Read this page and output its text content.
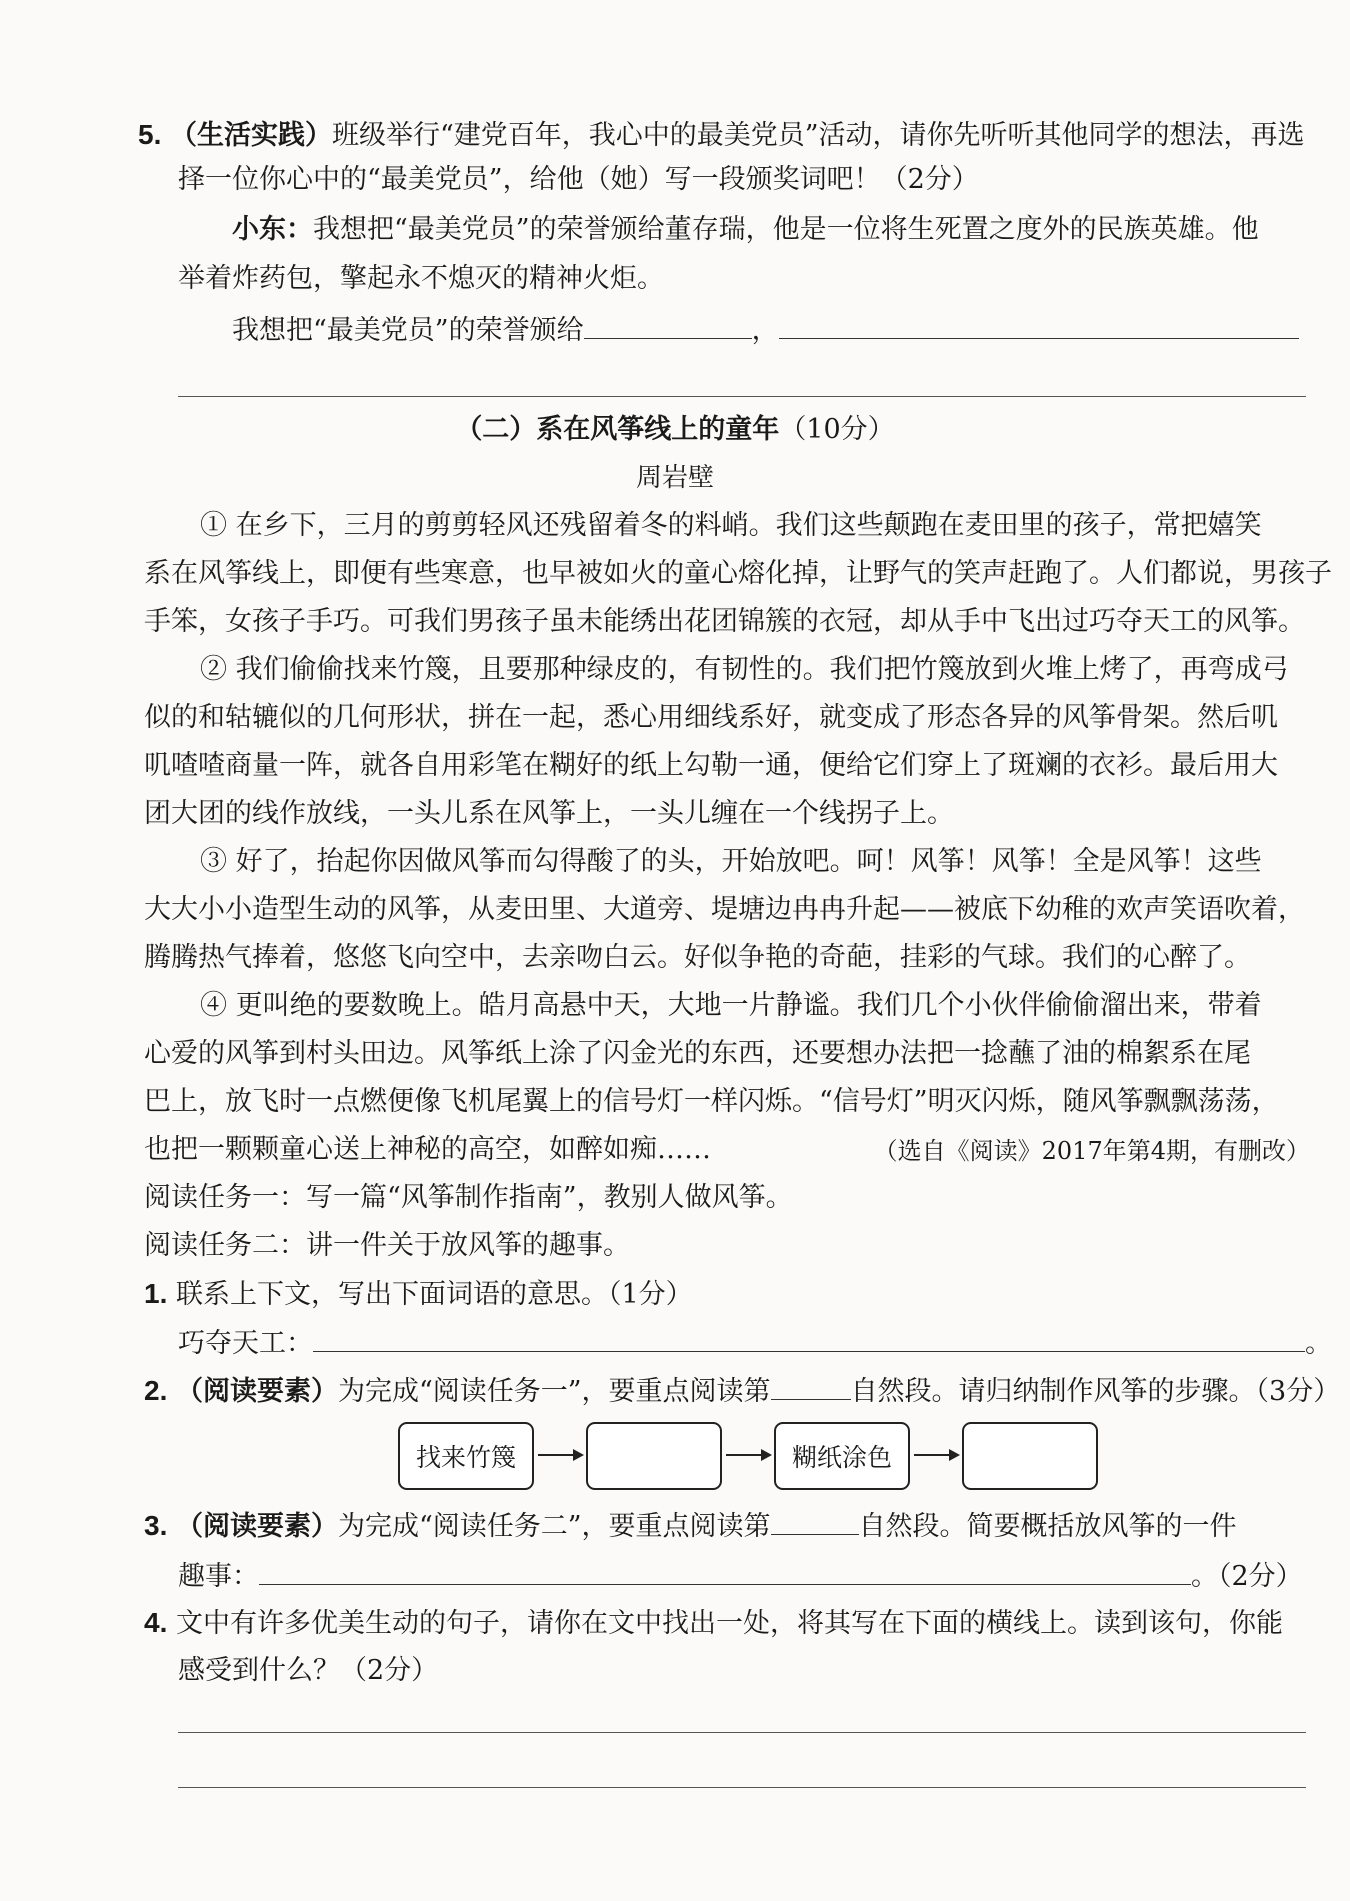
5. （生活实践）班级举行“建党百年，我心中的最美党员”活动，请你先听听其他同学的想法，再选
择一位你心中的“最美党员”，给他（她）写一段颁奖词吧！（2分）
小东：我想把“最美党员”的荣誉颁给董存瑞，他是一位将生死置之度外的民族英雄。他
举着炸药包，擎起永不熄灭的精神火炬。
我想把“最美党员”的荣誉颁给	，
（二）系在风筝线上的童年（10分）
周岩壁
① 在乡下，三月的剪剪轻风还残留着冬的料峭。我们这些颠跑在麦田里的孩子，常把嬉笑
系在风筝线上，即便有些寒意，也早被如火的童心熔化掉，让野气的笑声赶跑了。人们都说，男孩子
手笨，女孩子手巧。可我们男孩子虽未能绣出花团锦簇的衣冠，却从手中飞出过巧夺天工的风筝。
② 我们偷偷找来竹篾，且要那种绿皮的，有韧性的。我们把竹篾放到火堆上烤了，再弯成弓
似的和轱辘似的几何形状，拼在一起，悉心用细线系好，就变成了形态各异的风筝骨架。然后叽
叽喳喳商量一阵，就各自用彩笔在糊好的纸上勾勒一通，便给它们穿上了斑斓的衣衫。最后用大
团大团的线作放线，一头儿系在风筝上，一头儿缠在一个线拐子上。
③ 好了，抬起你因做风筝而勾得酸了的头，开始放吧。呵！风筝！风筝！全是风筝！这些
大大小小造型生动的风筝，从麦田里、大道旁、堤塘边冉冉升起——被底下幼稚的欢声笑语吹着，
腾腾热气捧着，悠悠飞向空中，去亲吻白云。好似争艳的奇葩，挂彩的气球。我们的心醉了。
④ 更叫绝的要数晚上。皓月高悬中天，大地一片静谧。我们几个小伙伴偷偷溜出来，带着
心爱的风筝到村头田边。风筝纸上涂了闪金光的东西，还要想办法把一捻蘸了油的棉絮系在尾
巴上，放飞时一点燃便像飞机尾翼上的信号灯一样闪烁。“信号灯”明灭闪烁，随风筝飘飘荡荡，
也把一颗颗童心送上神秘的高空，如醉如痴……	（选自《阅读》2017年第4期，有删改）
阅读任务一：写一篇“风筝制作指南”，教别人做风筝。
阅读任务二：讲一件关于放风筝的趣事。
1. 联系上下文，写出下面词语的意思。（1分）
巧夺天工：	。
2. （阅读要素）为完成“阅读任务一”，要重点阅读第	自然段。请归纳制作风筝的步骤。（3分）
找来竹篾	糊纸涂色
3. （阅读要素）为完成“阅读任务二”，要重点阅读第	自然段。简要概括放风筝的一件
趣事：	。（2分）
4. 文中有许多优美生动的句子，请你在文中找出一处，将其写在下面的横线上。读到该句，你能
感受到什么？（2分）
